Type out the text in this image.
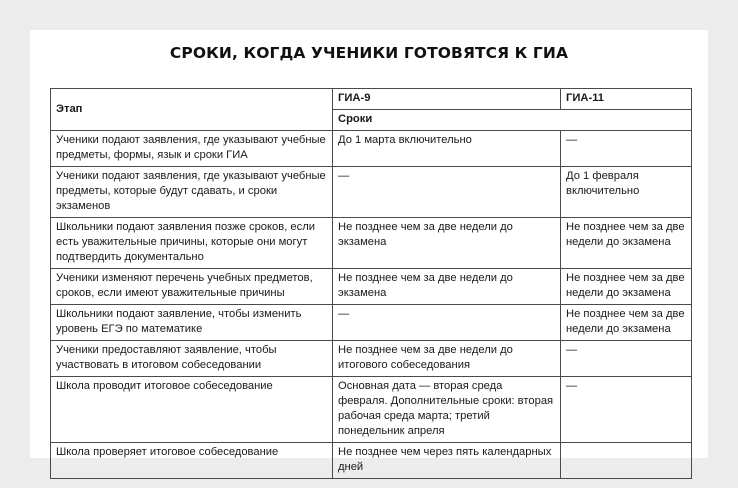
СРОКИ, КОГДА УЧЕНИКИ ГОТОВЯТСЯ К ГИА
Этап	ГИА-9	ГИА-11
	Сроки	
Ученики подают заявления, где указывают учебные предметы, формы, язык и сроки ГИА	До 1 марта включительно	—
Ученики подают заявления, где указывают учебные предметы, которые будут сдавать, и сроки экзаменов	—	До 1 февраля включительно
Школьники подают заявления позже сроков, если есть уважительные причины, которые они могут подтвердить документально	Не позднее чем за две недели до экзамена	Не позднее чем за две недели до экзамена
Ученики изменяют перечень учебных предметов, сроков, если имеют уважительные причины	Не позднее чем за две недели до экзамена	Не позднее чем за две недели до экзамена
Школьники подают заявление, чтобы изменить уровень ЕГЭ по математике	—	Не позднее чем за две недели до экзамена
Ученики предоставляют заявление, чтобы участвовать в итоговом собеседовании	Не позднее чем за две недели до итогового собеседования	—
Школа проводит итоговое собеседование	Основная дата — вторая среда февраля. Дополнительные сроки: вторая рабочая среда марта; третий понедельник апреля	—
Школа проверяет итоговое собеседование	Не позднее чем через пять календарных дней	
